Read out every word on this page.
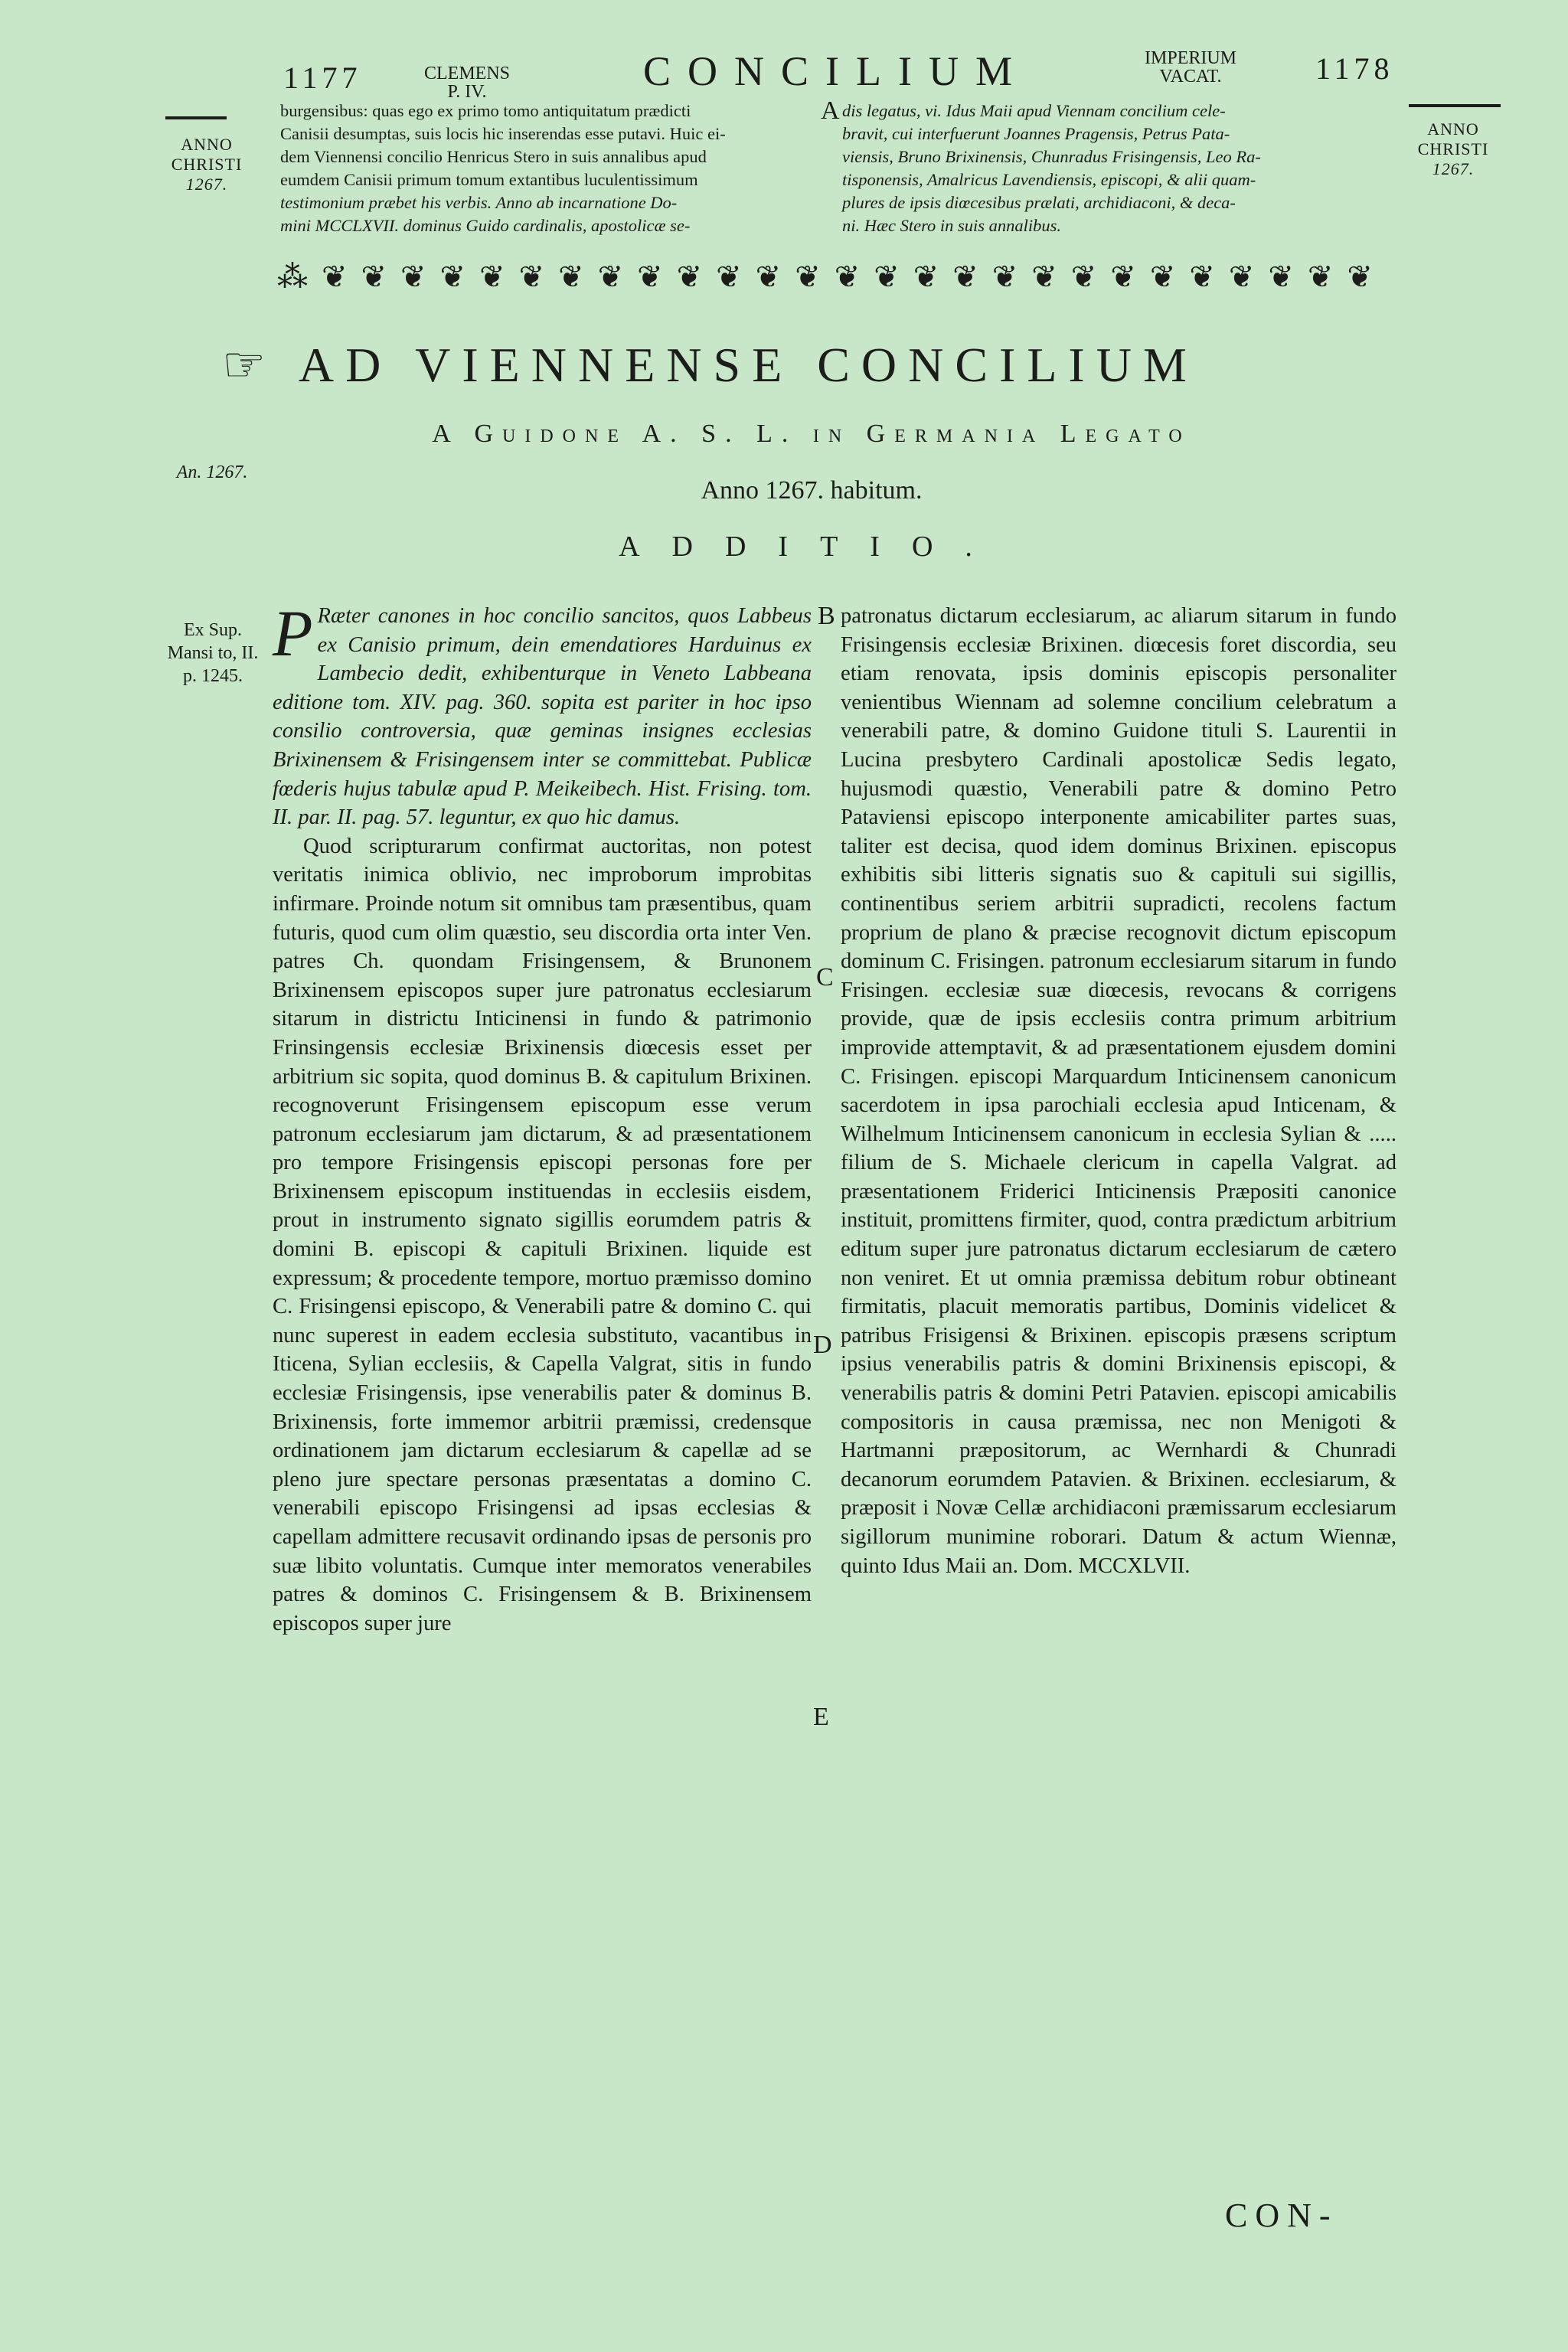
1177	CLEMENS
P. IV.	CONCILIUM	IMPERIUM
VACAT.	1178
ANNO
CHRISTI
1267.
ANNO
CHRISTI
1267.
burgensibus: quas ego ex primo tomo antiquitatum prædicti
Canisii desumptas, suis locis hic inserendas esse putavi. Huic ei-
dem Viennensi concilio Henricus Stero in suis annalibus apud
eumdem Canisii primum tomum extantibus luculentissimum
testimonium præbet his verbis. Anno ab incarnatione Do-
mini MCCLXVII. dominus Guido cardinalis, apostolicæ se-
A dis legatus, vi. Idus Maii apud Viennam concilium cele-
bravit, cui interfuerunt Joannes Pragensis, Petrus Pata-
viensis, Bruno Brixinensis, Chunradus Frisingensis, Leo Ra-
tisponensis, Amalricus Lavendiensis, episcopi, & alii quam-
plures de ipsis diœcesibus prælati, archidiaconi, & deca-
ni. Hæc Stero in suis annalibus.
⁂ ❦ ❦ ❦ ❦ ❦ ❦ ❦ ❦ ❦ ❦ ❦ ❦ ❦ ❦ ❦ ❦ ❦ ❦ ❦ ❦ ❦ ❦ ❦ ❦ ❦ ❦ ❦
☞ AD VIENNENSE CONCILIUM
A Guidone A. S. L. in Germania Legato
An. 1267.
Anno 1267. habitum.
ADDITIO.
Ex Sup.
Mansi to, II.
p. 1245.

P Ræter canones in hoc concilio sancitos, quos Labbeus ex Canisio primum, dein emendatiores Harduinus ex Lambecio dedit, exhibenturque in Veneto Labbeana editione tom. XIV. pag. 360. sopita est pariter in hoc ipso consilio controversia, quæ geminas insignes ecclesias Brixinensem & Frisingensem inter se committebat. Publicæ fœderis hujus tabulæ apud P. Meikeibech. Hist. Frising. tom. II. par. II. pag. 57. leguntur, ex quo hic damus.

Quod scripturarum confirmat auctoritas, non potest veritatis inimica oblivio, nec improborum improbitas infirmare. Proinde notum sit omnibus tam præsentibus, quam futuris, quod cum olim quæstio, seu discordia orta inter Ven. patres Ch. quondam Frisingensem, & Brunonem Brixinensem episcopos super jure patronatus ecclesiarum sitarum in districtu Inticinensi in fundo & patrimonio Frinsingensis ecclesiæ Brixinensis diœcesis esset per arbitrium sic sopita, quod dominus B. & capitulum Brixinen. recognoverunt Frisingensem episcopum esse verum patronum ecclesiarum jam dictarum, & ad præsentationem pro tempore Frisingensis episcopi personas fore per Brixinensem episcopum instituendas in ecclesiis eisdem, prout in instrumento signato sigillis eorumdem patris & domini B. episcopi & capituli Brixinen. liquide est expressum; & procedente tempore, mortuo præmisso domino C. Frisingensi episcopo, & Venerabili patre & domino C. qui nunc superest in eadem ecclesia substituto, vacantibus in Iticena, Sylian ecclesiis, & Capella Valgrat, sitis in fundo ecclesiæ Frisingensis, ipse venerabilis pater & dominus B. Brixinensis, forte immemor arbitrii præmissi, credensque ordinationem jam dictarum ecclesiarum & capellæ ad se pleno jure spectare personas præsentatas a domino C. venerabili episcopo Frisingensi ad ipsas ecclesias & capellam admittere recusavit ordinando ipsas de personis pro suæ libito voluntatis. Cumque inter memoratos venerabiles patres & dominos C. Frisingensem & B. Brixinensem episcopos super jure

B
C
D
E

patronatus dictarum ecclesiarum, ac aliarum sitarum in fundo Frisingensis ecclesiæ Brixinen. diœcesis foret discordia, seu etiam renovata, ipsis dominis episcopis personaliter venientibus Wiennam ad solemne concilium celebratum a venerabili patre, & domino Guidone tituli S. Laurentii in Lucina presbytero Cardinali apostolicæ Sedis legato, hujusmodi quæstio, Venerabili patre & domino Petro Pataviensi episcopo interponente amicabiliter partes suas, taliter est decisa, quod idem dominus Brixinen. episcopus exhibitis sibi litteris signatis suo & capituli sui sigillis, continentibus seriem arbitrii supradicti, recolens factum proprium de plano & præcise recognovit dictum episcopum dominum C. Frisingen. patronum ecclesiarum sitarum in fundo Frisingen. ecclesiæ suæ diœcesis, revocans & corrigens provide, quæ de ipsis ecclesiis contra primum arbitrium improvide attemptavit, & ad præsentationem ejusdem domini C. Frisingen. episcopi Marquardum Inticinensem canonicum sacerdotem in ipsa parochiali ecclesia apud Inticenam, & Wilhelmum Inticinensem canonicum in ecclesia Sylian & ..... filium de S. Michaele clericum in capella Valgrat. ad præsentationem Friderici Inticinensis Præpositi canonice instituit, promittens firmiter, quod, contra prædictum arbitrium editum super jure patronatus dictarum ecclesiarum de cætero non veniret. Et ut omnia præmissa debitum robur obtineant firmitatis, placuit memoratis partibus, Dominis videlicet & patribus Frisigensi & Brixinen. episcopis præsens scriptum ipsius venerabilis patris & domini Brixinensis episcopi, & venerabilis patris & domini Petri Patavien. episcopi amicabilis compositoris in causa præmissa, nec non Menigoti & Hartmanni præpositorum, ac Wernhardi & Chunradi decanorum eorumdem Patavien. & Brixinen. ecclesiarum, & præposit i Novæ Cellæ archidiaconi præmissarum ecclesiarum sigillorum munimine roborari. Datum & actum Wiennæ, quinto Idus Maii an. Dom. MCCXLVII.

CON-
